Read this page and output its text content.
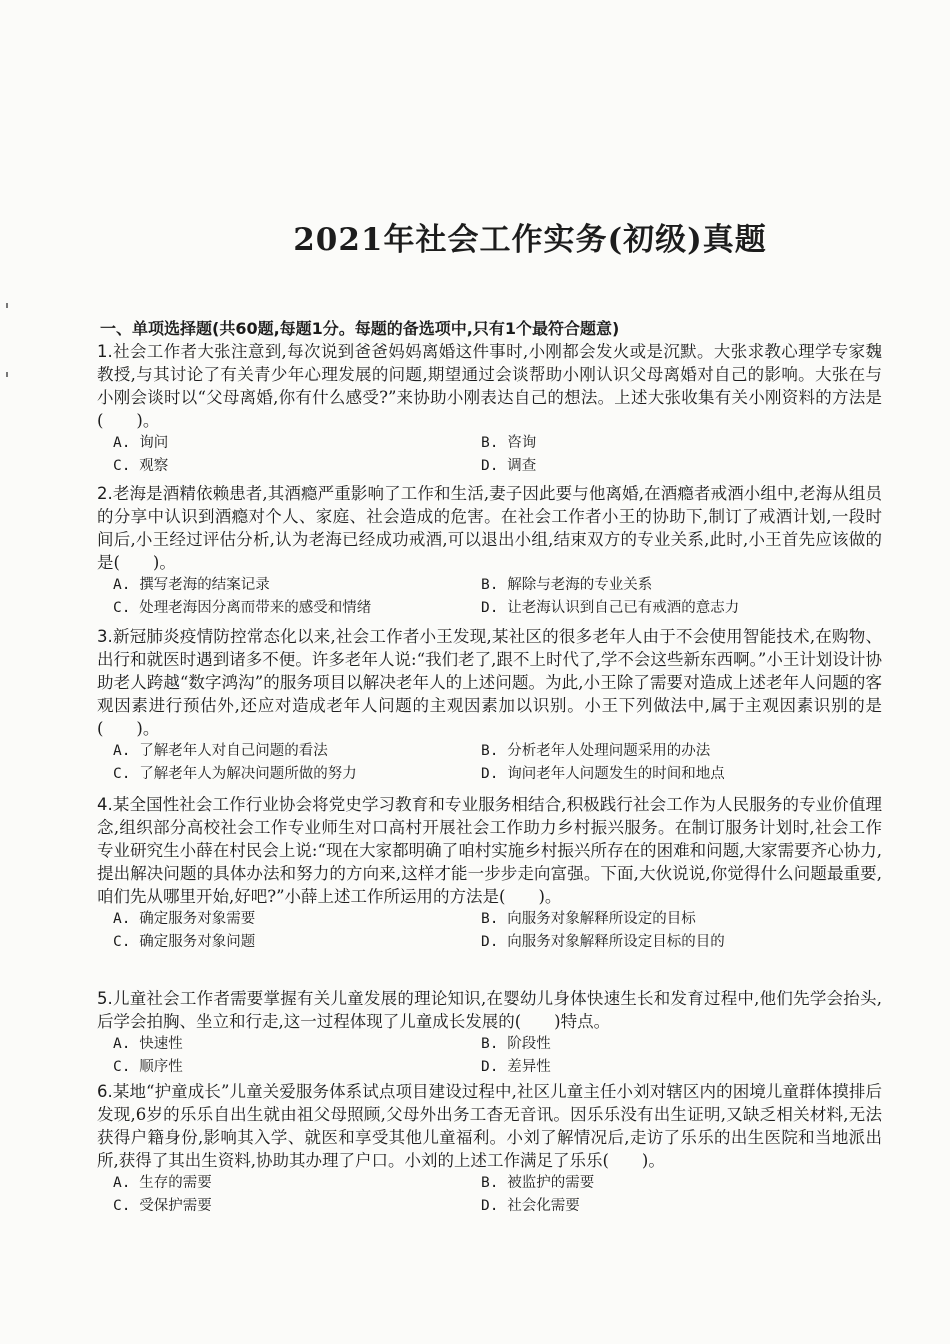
2021年社会工作实务(初级)真题
一、单项选择题(共60题,每题1分。每题的备选项中,只有1个最符合题意)
1.社会工作者大张注意到,每次说到爸爸妈妈离婚这件事时,小刚都会发火或是沉默。大张求教心理学专家魏教授,与其讨论了有关青少年心理发展的问题,期望通过会谈帮助小刚认识父母离婚对自己的影响。大张在与小刚会谈时以“父母离婚,你有什么感受?”来协助小刚表达自己的想法。上述大张收集有关小刚资料的方法是(　　)。
A. 询问	B. 咨询
C. 观察	D. 调查
2.老海是酒精依赖患者,其酒瘾严重影响了工作和生活,妻子因此要与他离婚,在酒瘾者戒酒小组中,老海从组员的分享中认识到酒瘾对个人、家庭、社会造成的危害。在社会工作者小王的协助下,制订了戒酒计划,一段时间后,小王经过评估分析,认为老海已经成功戒酒,可以退出小组,结束双方的专业关系,此时,小王首先应该做的是(　　)。
A. 撰写老海的结案记录	B. 解除与老海的专业关系
C. 处理老海因分离而带来的感受和情绪	D. 让老海认识到自己已有戒酒的意志力
3.新冠肺炎疫情防控常态化以来,社会工作者小王发现,某社区的很多老年人由于不会使用智能技术,在购物、出行和就医时遇到诸多不便。许多老年人说:“我们老了,跟不上时代了,学不会这些新东西啊。”小王计划设计协助老人跨越“数字鸿沟”的服务项目以解决老年人的上述问题。为此,小王除了需要对造成上述老年人问题的客观因素进行预估外,还应对造成老年人问题的主观因素加以识别。小王下列做法中,属于主观因素识别的是(　　)。
A. 了解老年人对自己问题的看法	B. 分析老年人处理问题采用的办法
C. 了解老年人为解决问题所做的努力	D. 询问老年人问题发生的时间和地点
4.某全国性社会工作行业协会将党史学习教育和专业服务相结合,积极践行社会工作为人民服务的专业价值理念,组织部分高校社会工作专业师生对口高村开展社会工作助力乡村振兴服务。在制订服务计划时,社会工作专业研究生小薛在村民会上说:“现在大家都明确了咱村实施乡村振兴所存在的困难和问题,大家需要齐心协力,提出解决问题的具体办法和努力的方向来,这样才能一步步走向富强。下面,大伙说说,你觉得什么问题最重要,咱们先从哪里开始,好吧?”小薛上述工作所运用的方法是(　　)。
A. 确定服务对象需要	B. 向服务对象解释所设定的目标
C. 确定服务对象问题	D. 向服务对象解释所设定目标的目的
5.儿童社会工作者需要掌握有关儿童发展的理论知识,在婴幼儿身体快速生长和发育过程中,他们先学会抬头,后学会拍胸、坐立和行走,这一过程体现了儿童成长发展的(　　)特点。
A. 快速性	B. 阶段性
C. 顺序性	D. 差异性
6.某地“护童成长”儿童关爱服务体系试点项目建设过程中,社区儿童主任小刘对辖区内的困境儿童群体摸排后发现,6岁的乐乐自出生就由祖父母照顾,父母外出务工杳无音讯。因乐乐没有出生证明,又缺乏相关材料,无法获得户籍身份,影响其入学、就医和享受其他儿童福利。小刘了解情况后,走访了乐乐的出生医院和当地派出所,获得了其出生资料,协助其办理了户口。小刘的上述工作满足了乐乐(　　)。
A. 生存的需要	B. 被监护的需要
C. 受保护需要	D. 社会化需要
